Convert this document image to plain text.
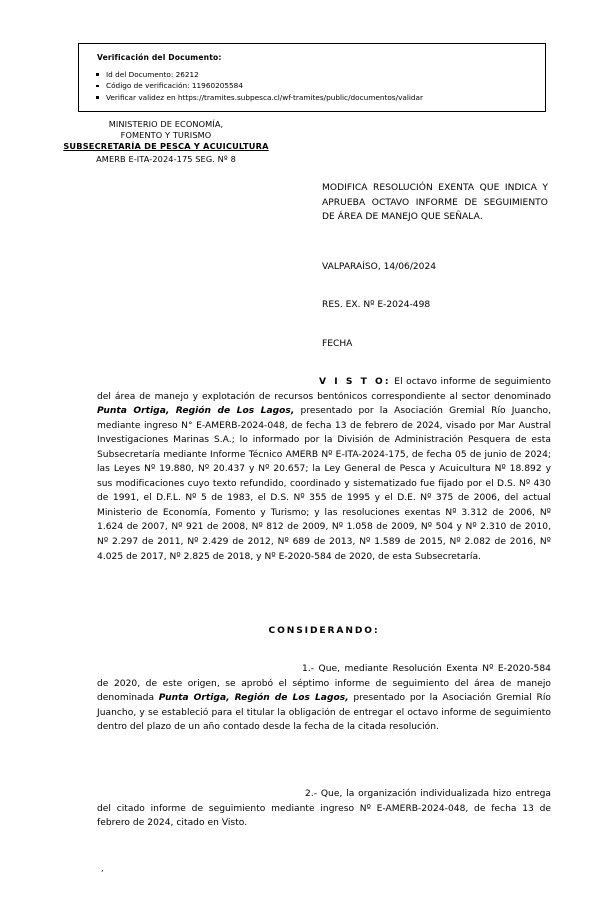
Verificación del Documento:
Id del Documento: 26212
Código de verificación: 11960205584
Verificar validez en https://tramites.subpesca.cl/wf-tramites/public/documentos/validar
MINISTERIO DE ECONOMÍA,
FOMENTO Y TURISMO
SUBSECRETARÍA DE PESCA Y ACUICULTURA
AMERB E-ITA-2024-175 SEG. Nº 8
MODIFICA RESOLUCIÓN EXENTA QUE INDICA Y APRUEBA OCTAVO INFORME DE SEGUIMIENTO DE ÁREA DE MANEJO QUE SEÑALA.
VALPARAÍSO, 14/06/2024
RES. EX. Nº E-2024-498
FECHA

V I S T O: El octavo informe de seguimiento del área de manejo y explotación de recursos bentónicos correspondiente al sector denominado Punta Ortiga, Región de Los Lagos, presentado por la Asociación Gremial Río Juancho, mediante ingreso N° E-AMERB-2024-048, de fecha 13 de febrero de 2024, visado por Mar Austral Investigaciones Marinas S.A.; lo informado por la División de Administración Pesquera de esta Subsecretaría mediante Informe Técnico AMERB Nº E-ITA-2024-175, de fecha 05 de junio de 2024; las Leyes Nº 19.880, Nº 20.437 y Nº 20.657; la Ley General de Pesca y Acuicultura Nº 18.892 y sus modificaciones cuyo texto refundido, coordinado y sistematizado fue fijado por el D.S. Nº 430 de 1991, el D.F.L. Nº 5 de 1983, el D.S. Nº 355 de 1995 y el D.E. Nº 375 de 2006, del actual Ministerio de Economía, Fomento y Turismo; y las resoluciones exentas Nº 3.312 de 2006, Nº 1.624 de 2007, Nº 921 de 2008, Nº 812 de 2009, Nº 1.058 de 2009, Nº 504 y Nº 2.310 de 2010, Nº 2.297 de 2011, Nº 2.429 de 2012, Nº 689 de 2013, Nº 1.589 de 2015, Nº 2.082 de 2016, Nº 4.025 de 2017, Nº 2.825 de 2018, y Nº E-2020-584 de 2020, de esta Subsecretaría.

CONSIDERANDO:

1.- Que, mediante Resolución Exenta Nº E-2020-584 de 2020, de este origen, se aprobó el séptimo informe de seguimiento del área de manejo denominada Punta Ortiga, Región de Los Lagos, presentado por la Asociación Gremial Río Juancho, y se estableció para el titular la obligación de entregar el octavo informe de seguimiento dentro del plazo de un año contado desde la fecha de la citada resolución.

2.- Que, la organización individualizada hizo entrega del citado informe de seguimiento mediante ingreso Nº E-AMERB-2024-048, de fecha 13 de febrero de 2024, citado en Visto.

ʼ
